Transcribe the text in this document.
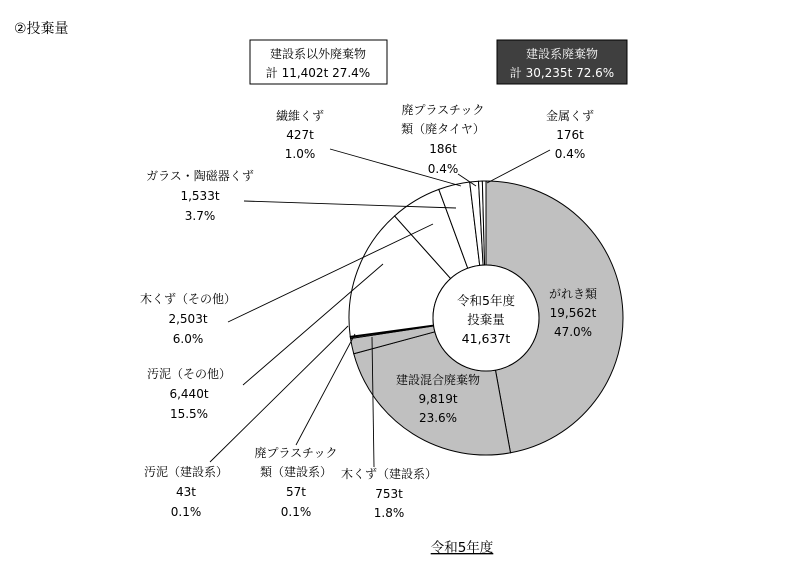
②投棄量
建設系以外廃棄物
計 11,402t 27.4%
建設系廃棄物
計 30,235t 72.6%
令和5年度
投棄量
41,637t
がれき類
19,562t
47.0%
建設混合廃棄物
9,819t
23.6%
金属くず
176t
0.4%
廃プラスチック
類（廃タイヤ）
186t
0.4%
繊維くず
427t
1.0%
ガラス・陶磁器くず
1,533t
3.7%
木くず（その他）
2,503t
6.0%
汚泥（その他）
6,440t
15.5%
汚泥（建設系）
43t
0.1%
廃プラスチック
類（建設系）
57t
0.1%
木くず（建設系）
753t
1.8%
令和5年度
